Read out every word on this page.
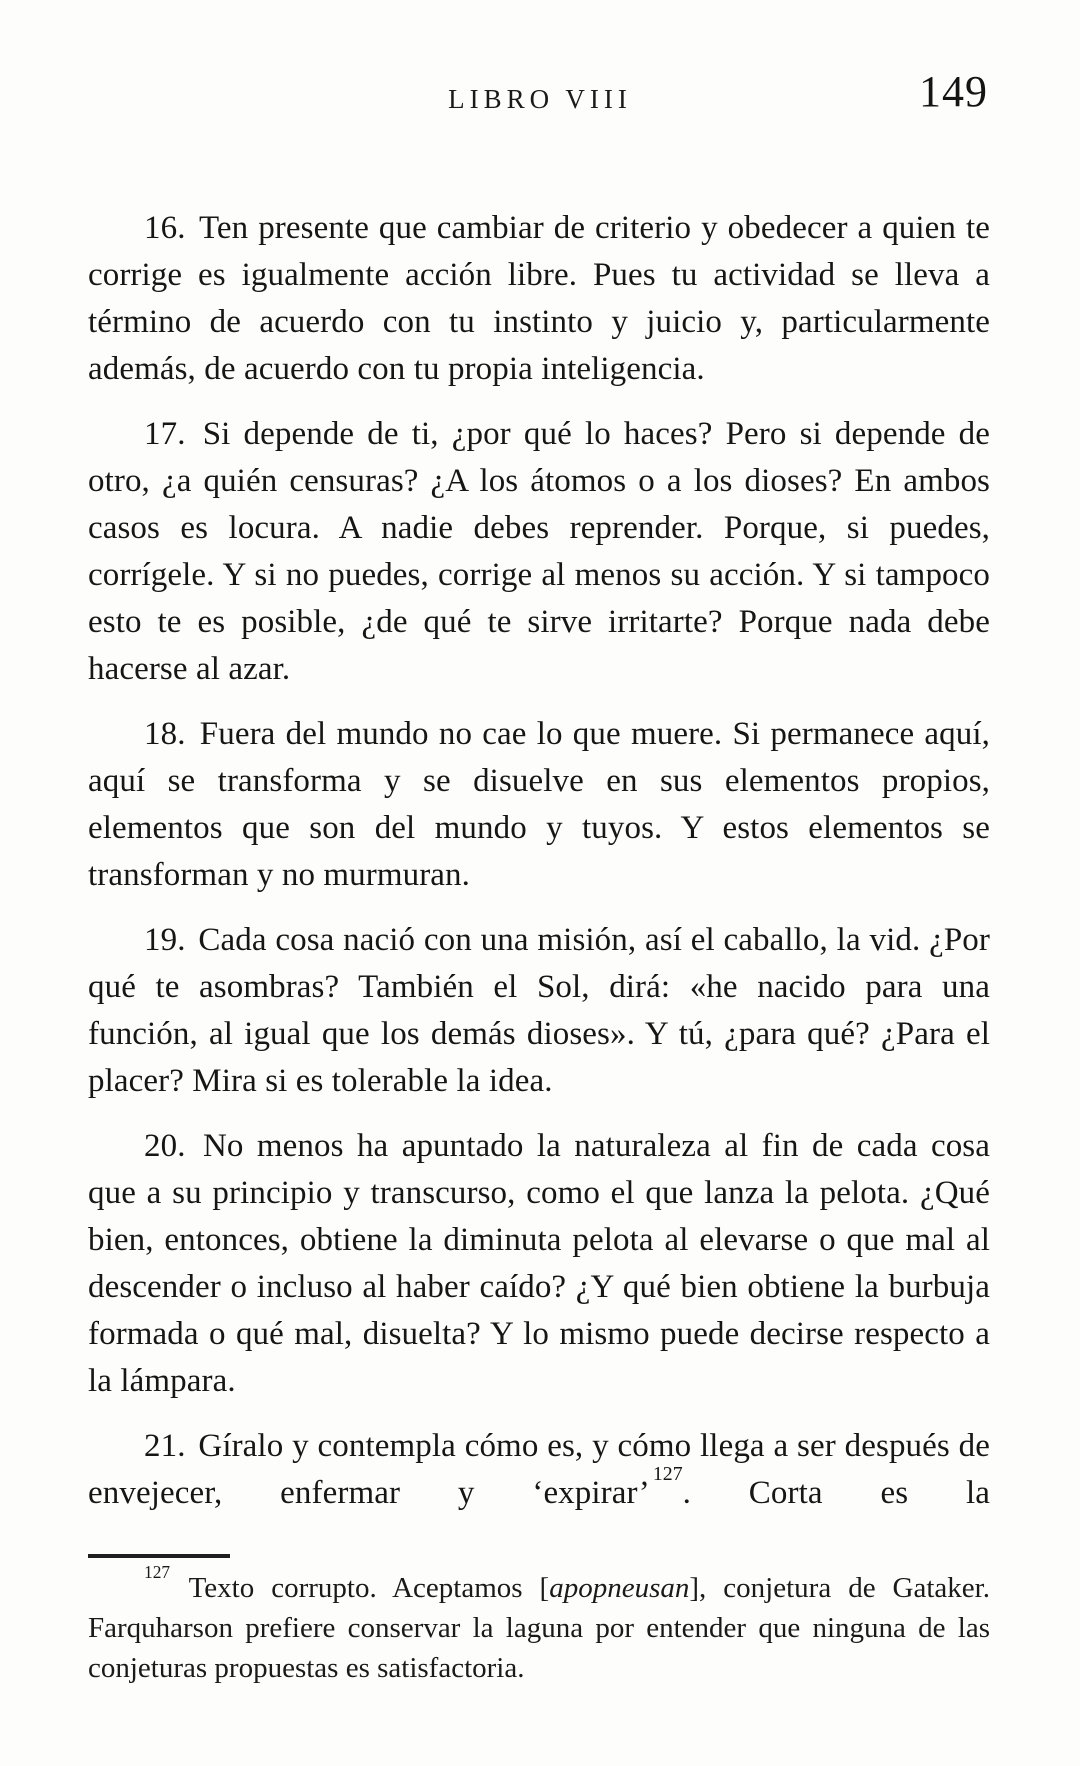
LIBRO VIII	149

16. Ten presente que cambiar de criterio y obedecer a quien te corrige es igualmente acción libre. Pues tu actividad se lleva a término de acuerdo con tu instinto y juicio y, particularmente además, de acuerdo con tu propia inteligencia.

17. Si depende de ti, ¿por qué lo haces? Pero si depende de otro, ¿a quién censuras? ¿A los átomos o a los dioses? En ambos casos es locura. A nadie debes reprender. Porque, si puedes, corrígele. Y si no puedes, corrige al menos su acción. Y si tampoco esto te es posible, ¿de qué te sirve irritarte? Porque nada debe hacerse al azar.

18. Fuera del mundo no cae lo que muere. Si permanece aquí, aquí se transforma y se disuelve en sus elementos propios, elementos que son del mundo y tuyos. Y estos elementos se transforman y no murmuran.

19. Cada cosa nació con una misión, así el caballo, la vid. ¿Por qué te asombras? También el Sol, dirá: «he nacido para una función, al igual que los demás dioses». Y tú, ¿para qué? ¿Para el placer? Mira si es tolerable la idea.

20. No menos ha apuntado la naturaleza al fin de cada cosa que a su principio y transcurso, como el que lanza la pelota. ¿Qué bien, entonces, obtiene la diminuta pelota al elevarse o que mal al descender o incluso al haber caído? ¿Y qué bien obtiene la burbuja formada o qué mal, disuelta? Y lo mismo puede decirse respecto a la lámpara.

21. Gíralo y contempla cómo es, y cómo llega a ser después de envejecer, enfermar y ‘expirar’$^{127}$. Corta es la

$^{127}$ Texto corrupto. Aceptamos [apopneusan], conjetura de Gataker. Farquharson prefiere conservar la laguna por entender que ninguna de las conjeturas propuestas es satisfactoria.
